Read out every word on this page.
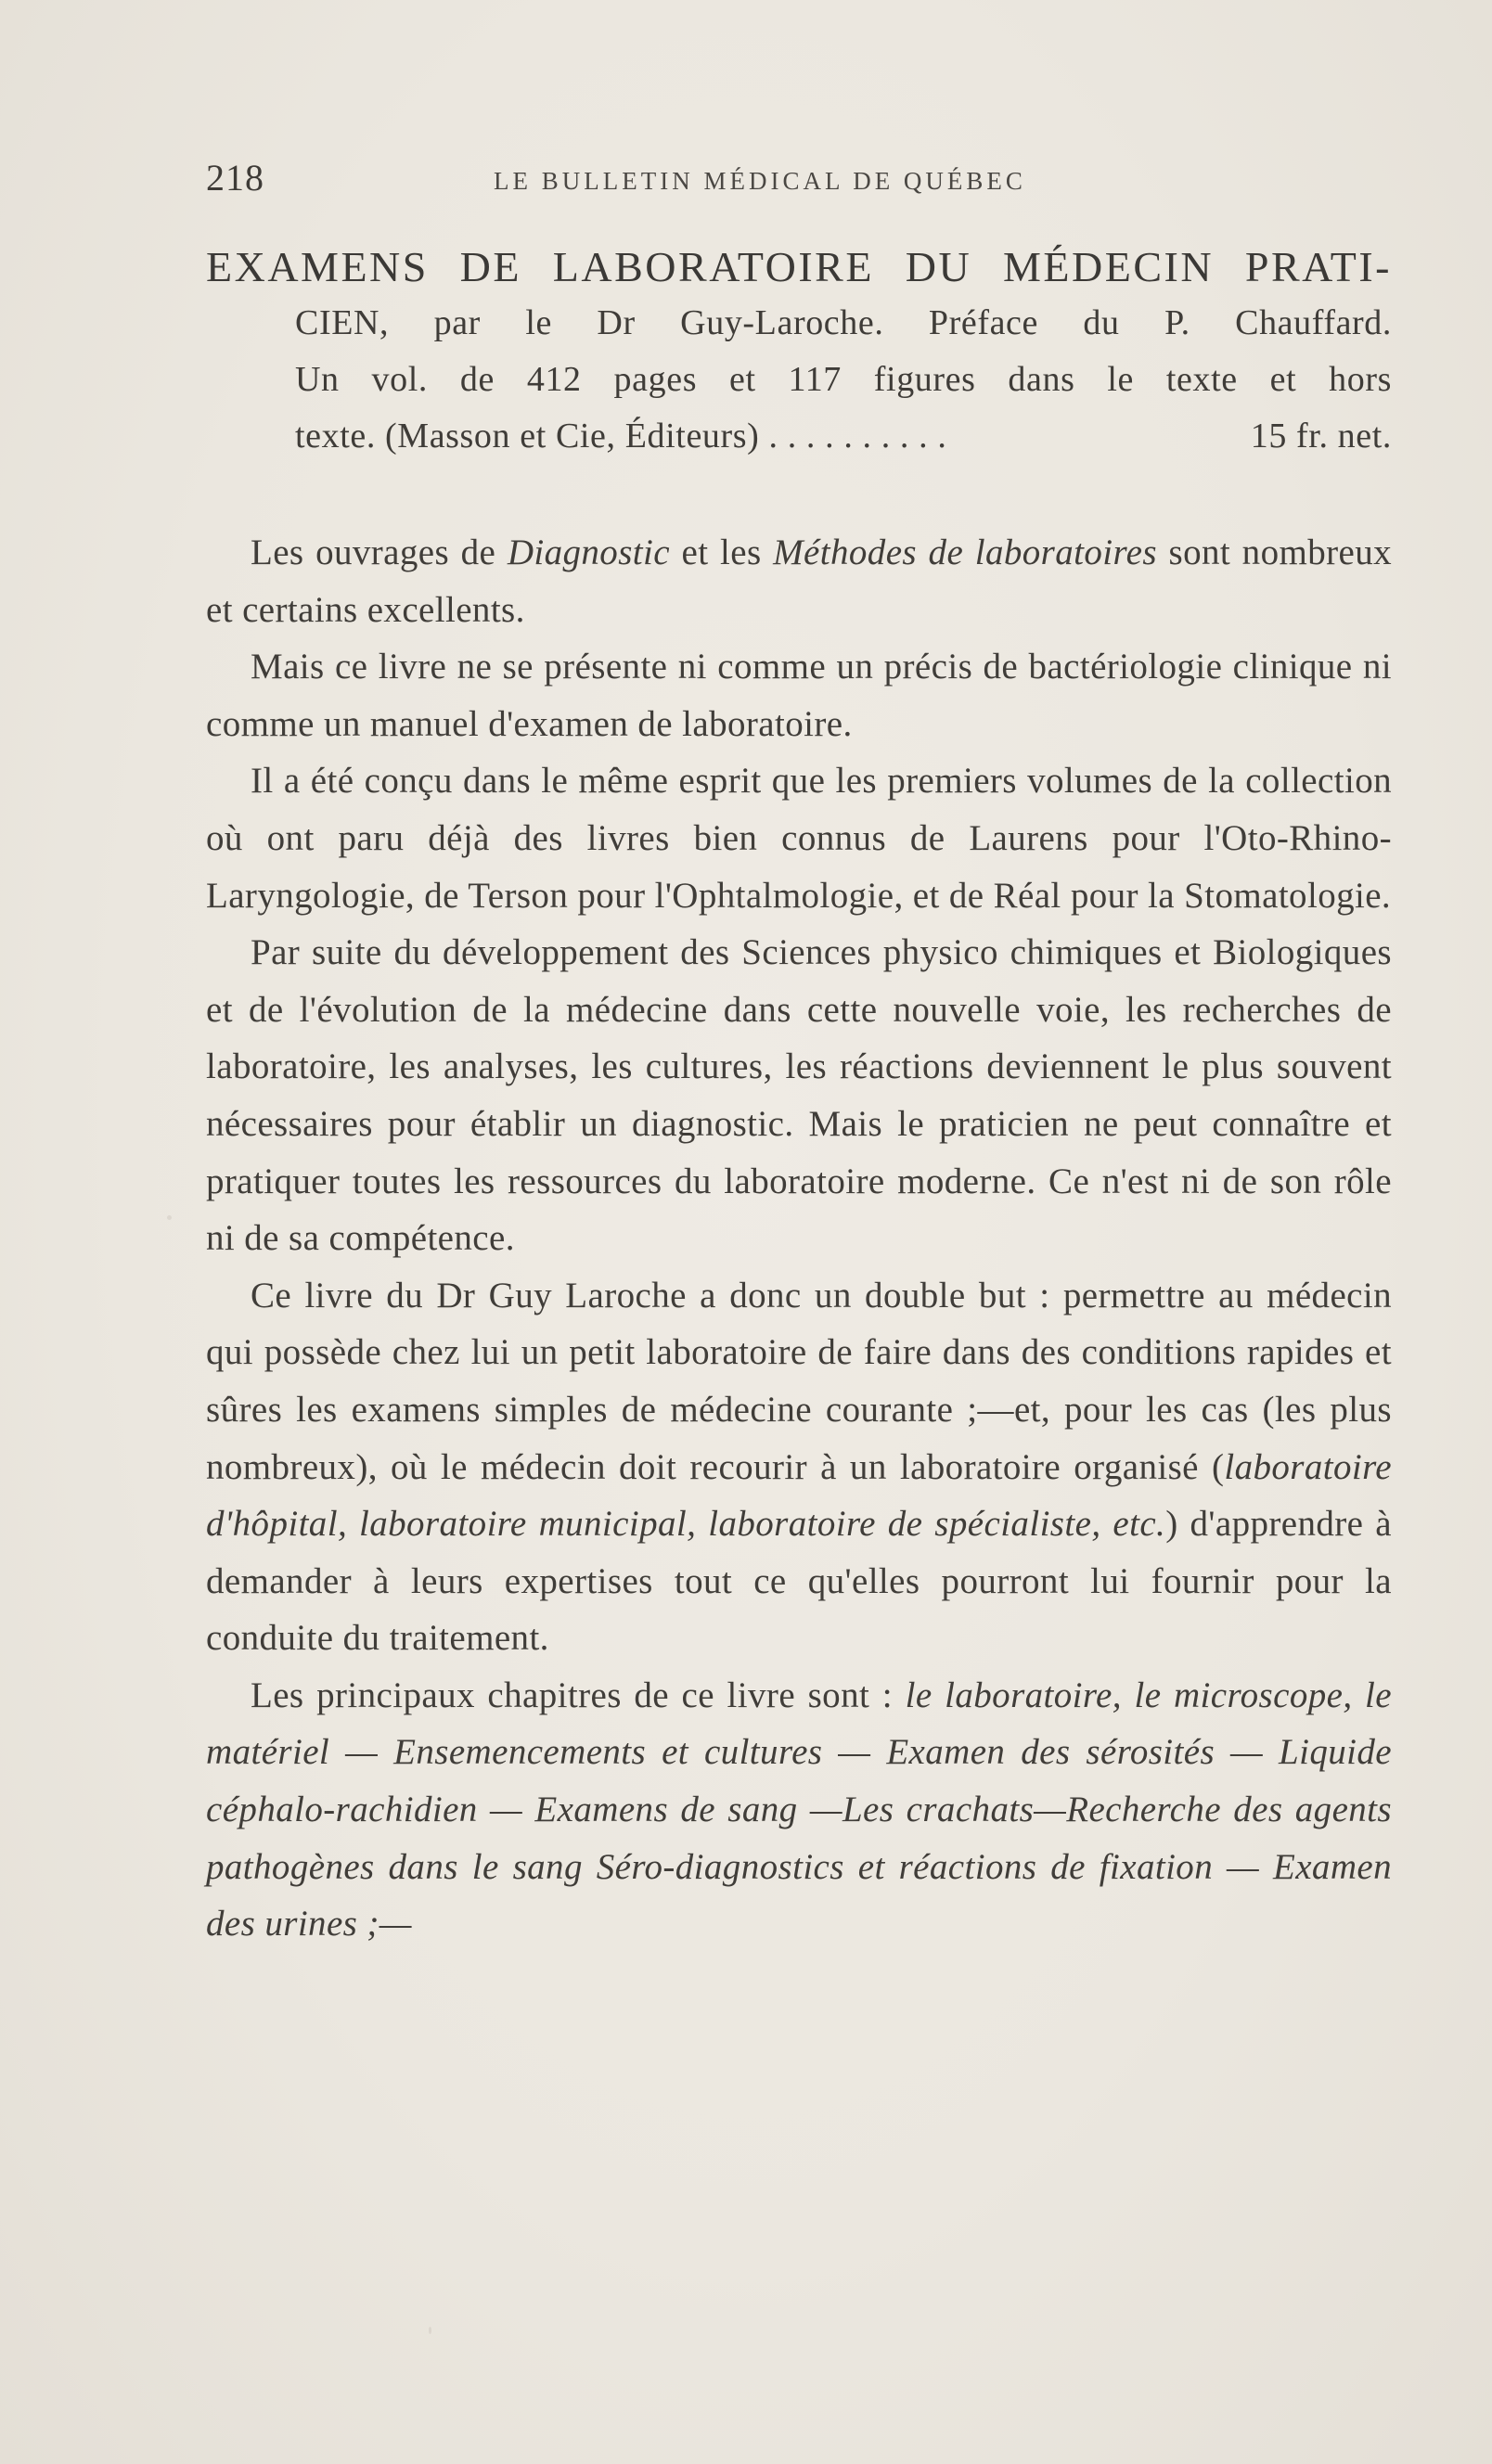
218	LE BULLETIN MÉDICAL DE QUÉBEC
EXAMENS DE LABORATOIRE DU MÉDECIN PRATI-
CIEN, par le Dr Guy-Laroche. Préface du P. Chauffard.
Un vol. de 412 pages et 117 figures dans le texte et hors
texte. (Masson et Cie, Éditeurs) . . . . . . . . . .	15 fr. net.

Les ouvrages de Diagnostic et les Méthodes de laboratoires sont nombreux et certains excellents.

Mais ce livre ne se présente ni comme un précis de bactériologie clinique ni comme un manuel d'examen de laboratoire.

Il a été conçu dans le même esprit que les premiers volumes de la collection où ont paru déjà des livres bien connus de Laurens pour l'Oto-Rhino-Laryngologie, de Terson pour l'Ophtalmologie, et de Réal pour la Stomatologie.

Par suite du développement des Sciences physico chimiques et Biologiques et de l'évolution de la médecine dans cette nouvelle voie, les recherches de laboratoire, les analyses, les cultures, les réactions deviennent le plus souvent nécessaires pour établir un diagnostic. Mais le praticien ne peut connaître et pratiquer toutes les ressources du laboratoire moderne. Ce n'est ni de son rôle ni de sa compétence.

Ce livre du Dr Guy Laroche a donc un double but : permettre au médecin qui possède chez lui un petit laboratoire de faire dans des conditions rapides et sûres les examens simples de médecine courante ;—et, pour les cas (les plus nombreux), où le médecin doit recourir à un laboratoire organisé (laboratoire d'hôpital, laboratoire municipal, laboratoire de spécialiste, etc.) d'apprendre à demander à leurs expertises tout ce qu'elles pourront lui fournir pour la conduite du traitement.

Les principaux chapitres de ce livre sont : le laboratoire, le microscope, le matériel — Ensemencements et cultures — Examen des sérosités — Liquide céphalo-rachidien — Examens de sang —Les crachats—Recherche des agents pathogènes dans le sang Séro-diagnostics et réactions de fixation — Examen des urines ;—
